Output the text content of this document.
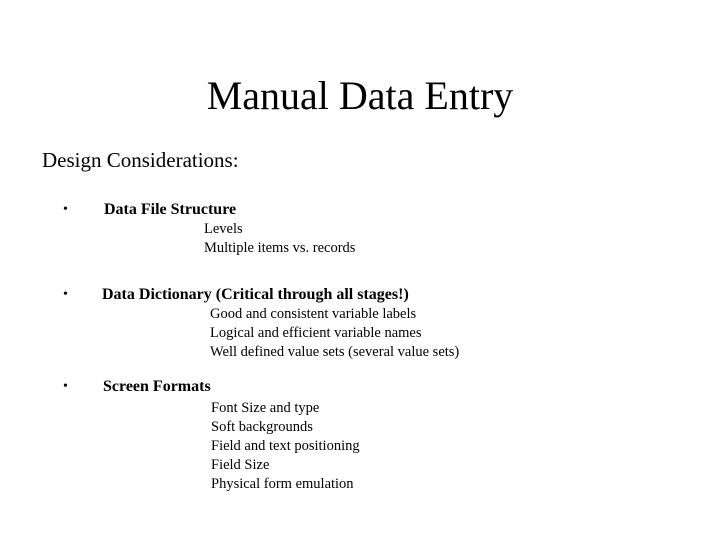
Manual Data Entry

Design Considerations:

• Data File Structure
Levels
Multiple items vs. records
• Data Dictionary (Critical through all stages!)
Good and consistent variable labels
Logical and efficient variable names
Well defined value sets (several value sets)
• Screen Formats
Font Size and type
Soft backgrounds
Field and text positioning
Field Size
Physical form emulation
